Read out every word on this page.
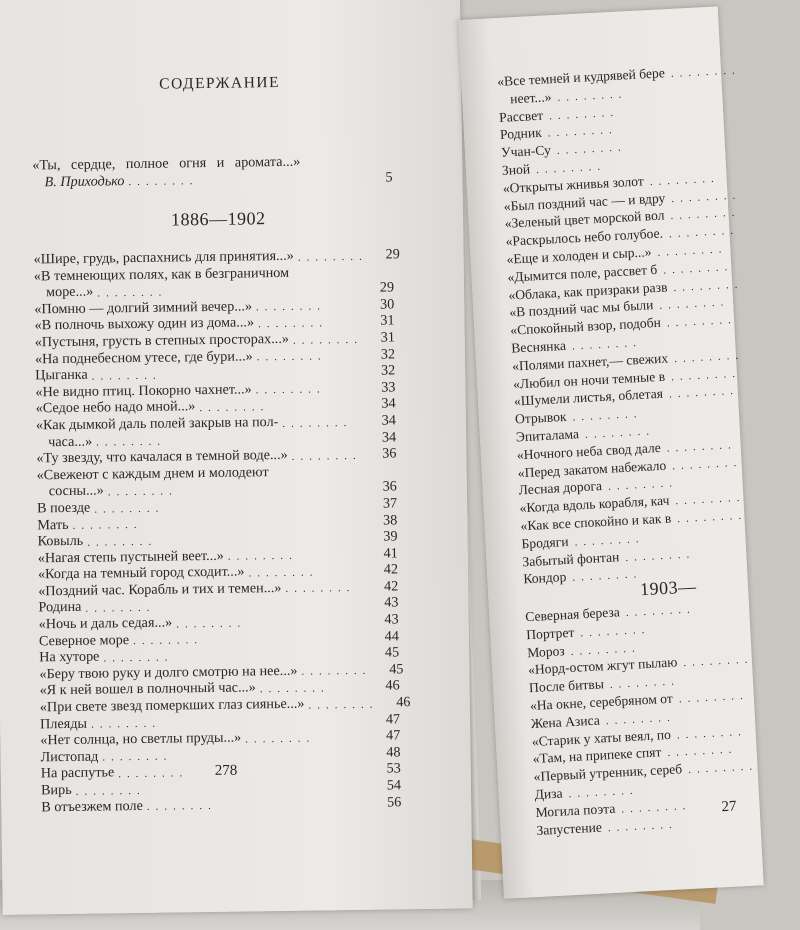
СОДЕРЖАНИЕ
«Ты, сердце, полное огня и аромата...»
В. Приходько ........	5
1886—1902
«Шире, грудь, распахнись для принятия...» ........	29
«В темнеющих полях, как в безграничном
море...» ........	29
«Помню — долгий зимний вечер...» ........	30
«В полночь выхожу один из дома...» ........	31
«Пустыня, грусть в степных просторах...» ........	31
«На поднебесном утесе, где бури...» ........	32
Цыганка ........	32
«Не видно птиц. Покорно чахнет...» ........	33
«Седое небо надо мной...» ........	34
«Как дымкой даль полей закрыв на пол- ........	34
часа...» ........	34
«Ту звезду, что качалася в темной воде...» ........	36
«Свежеют с каждым днем и молодеют
сосны...» ........	36
В поезде ........	37
Мать ........	38
Ковыль ........	39
«Нагая степь пустыней веет...» ........	41
«Когда на темный город сходит...» ........	42
«Поздний час. Корабль и тих и темен...» ........	42
Родина ........	43
«Ночь и даль седая...» ........	43
Северное море ........	44
На хуторе ........	45
«Беру твою руку и долго смотрю на нее...» ........	45
«Я к ней вошел в полночный час...» ........	46
«При свете звезд померкших глаз сиянье...» ........	46
Плеяды ........	47
«Нет солнца, но светлы пруды...» ........	47
Листопад ........	48
На распутье ........	53
Вирь ........	54
В отъезжем поле ........	56
278
«Все темней и кудрявей бере ........
неет...» ........
Рассвет ........
Родник ........
Учан-Су ........
Зной ........
«Открыты жнивья золот ........
«Был поздний час — и вдру ........
«Зеленый цвет морской вол ........
«Раскрылось небо голубое. ........
«Еще и холоден и сыр...» ........
«Дымится поле, рассвет б ........
«Облака, как призраки разв ........
«В поздний час мы были ........
«Спокойный взор, подобн ........
Веснянка ........
«Полями пахнет,— свежих ........
«Любил он ночи темные в ........
«Шумели листья, облетая ........
Отрывок ........
Эпиталама ........
«Ночного неба свод дале ........
«Перед закатом набежало ........
Лесная дорога ........
«Когда вдоль корабля, кач ........
«Как все спокойно и как в ........
Бродяги ........
Забытый фонтан ........
Кондор ........
1903—
Северная береза ........
Портрет ........
Мороз ........
«Норд-остом жгут пылаю ........
После битвы ........
«На окне, серебряном от ........
Жена Азиса ........
«Старик у хаты веял, по ........
«Там, на припеке спят ........
«Первый утренник, сереб ........
Диза ........
Могила поэта ........
Запустение ........
27
